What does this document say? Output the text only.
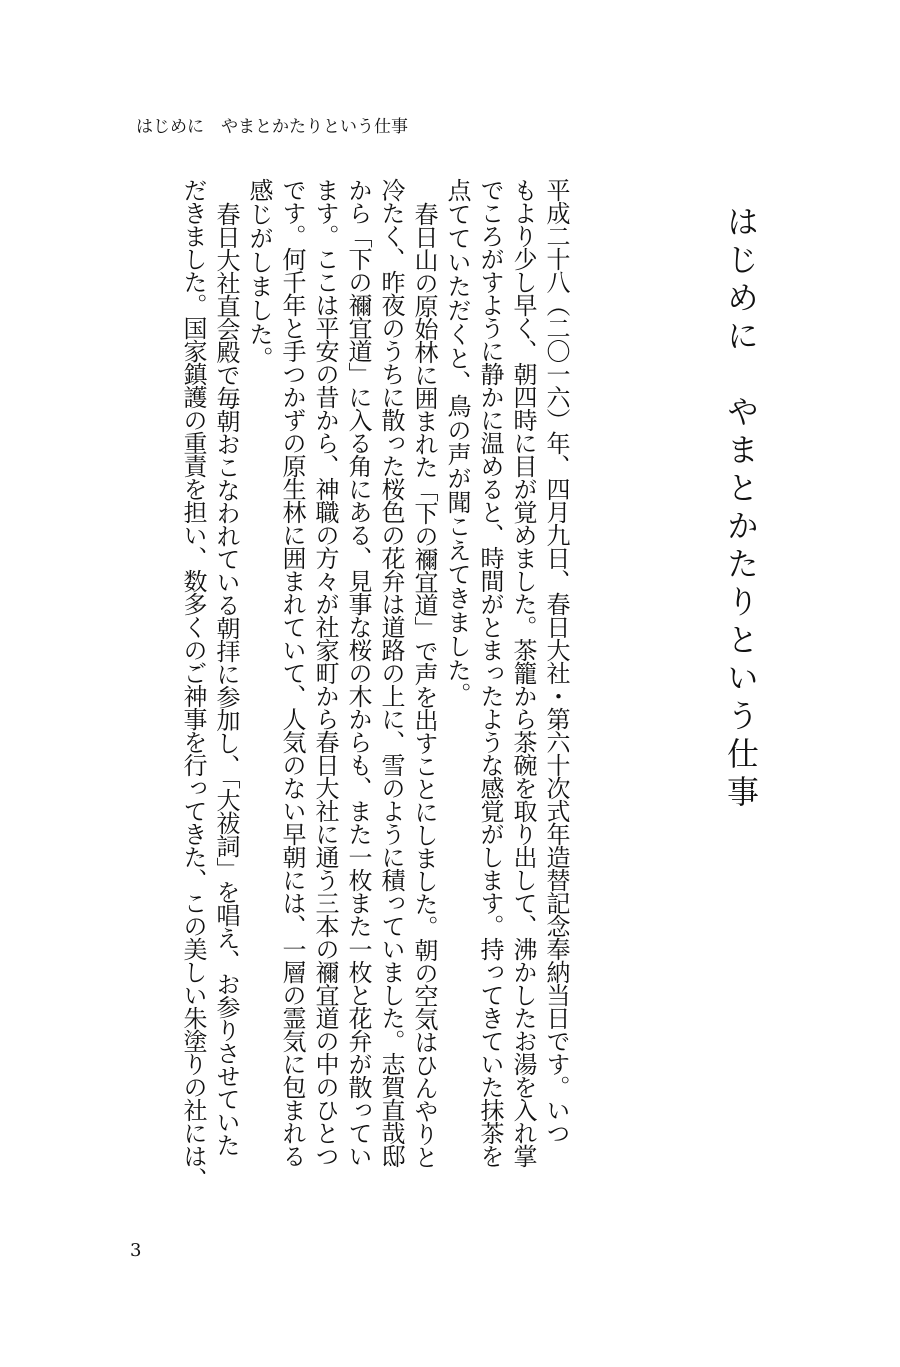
はじめに　やまとかたりという仕事
はじめに　やまとかたりという仕事
平成二十八（二〇一六）年、四月九日、春日大社・第六十次式年造替記念奉納当日です。いつ
もより少し早く、朝四時に目が覚めました。茶籠から茶碗を取り出して、沸かしたお湯を入れ掌
でころがすように静かに温めると、時間がとまったような感覚がします。持ってきていた抹茶を
点てていただくと、鳥の声が聞こえてきました。
春日山の原始林に囲まれた「下の禰宜道」で声を出すことにしました。朝の空気はひんやりと
冷たく、昨夜のうちに散った桜色の花弁は道路の上に、雪のように積っていました。志賀直哉邸
から「下の禰宜道」に入る角にある、見事な桜の木からも、また一枚また一枚と花弁が散ってい
ます。ここは平安の昔から、神職の方々が社家町から春日大社に通う三本の禰宜道の中のひとつ
です。何千年と手つかずの原生林に囲まれていて、人気のない早朝には、一層の霊気に包まれる
感じがしました。
春日大社直会殿で毎朝おこなわれている朝拝に参加し、「大祓詞」を唱え、お参りさせていた
だきました。国家鎮護の重責を担い、数多くのご神事を行ってきた、この美しい朱塗りの社には、
3
